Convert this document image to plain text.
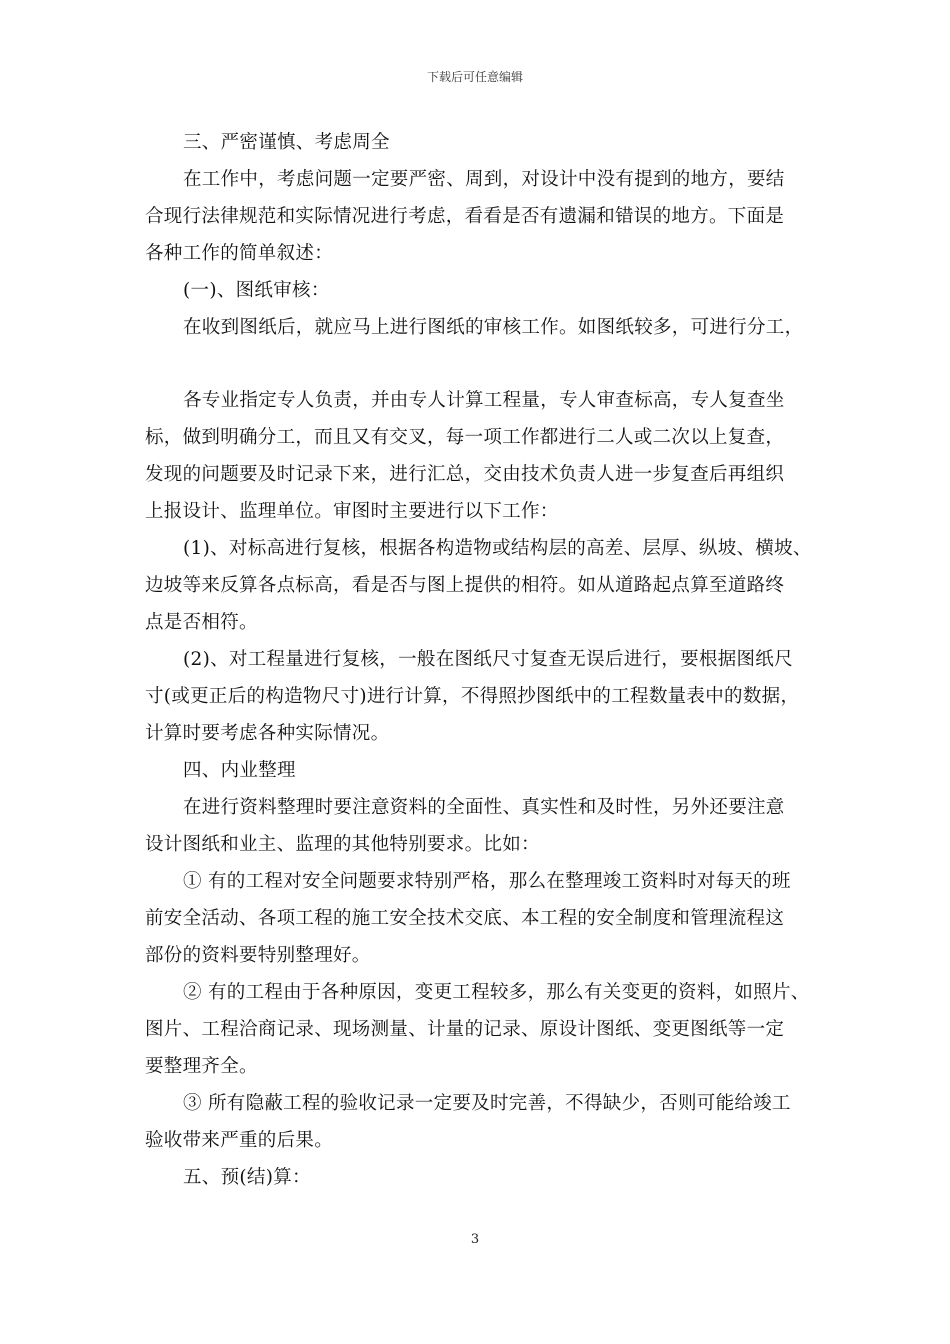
下载后可任意编辑
三、严密谨慎、考虑周全
在工作中，考虑问题一定要严密、周到，对设计中没有提到的地方，要结
合现行法律规范和实际情况进行考虑，看看是否有遗漏和错误的地方。下面是
各种工作的简单叙述：
(一)、图纸审核：
在收到图纸后，就应马上进行图纸的审核工作。如图纸较多，可进行分工，
各专业指定专人负责，并由专人计算工程量，专人审查标高，专人复查坐
标，做到明确分工，而且又有交叉，每一项工作都进行二人或二次以上复查，
发现的问题要及时记录下来，进行汇总，交由技术负责人进一步复查后再组织
上报设计、监理单位。审图时主要进行以下工作：
(1)、对标高进行复核，根据各构造物或结构层的高差、层厚、纵坡、横坡、
边坡等来反算各点标高，看是否与图上提供的相符。如从道路起点算至道路终
点是否相符。
(2)、对工程量进行复核，一般在图纸尺寸复查无误后进行，要根据图纸尺
寸(或更正后的构造物尺寸)进行计算，不得照抄图纸中的工程数量表中的数据，
计算时要考虑各种实际情况。
四、内业整理
在进行资料整理时要注意资料的全面性、真实性和及时性，另外还要注意
设计图纸和业主、监理的其他特别要求。比如：
① 有的工程对安全问题要求特别严格，那么在整理竣工资料时对每天的班
前安全活动、各项工程的施工安全技术交底、本工程的安全制度和管理流程这
部份的资料要特别整理好。
② 有的工程由于各种原因，变更工程较多，那么有关变更的资料，如照片、
图片、工程洽商记录、现场测量、计量的记录、原设计图纸、变更图纸等一定
要整理齐全。
③ 所有隐蔽工程的验收记录一定要及时完善，不得缺少，否则可能给竣工
验收带来严重的后果。
五、预(结)算：
3
